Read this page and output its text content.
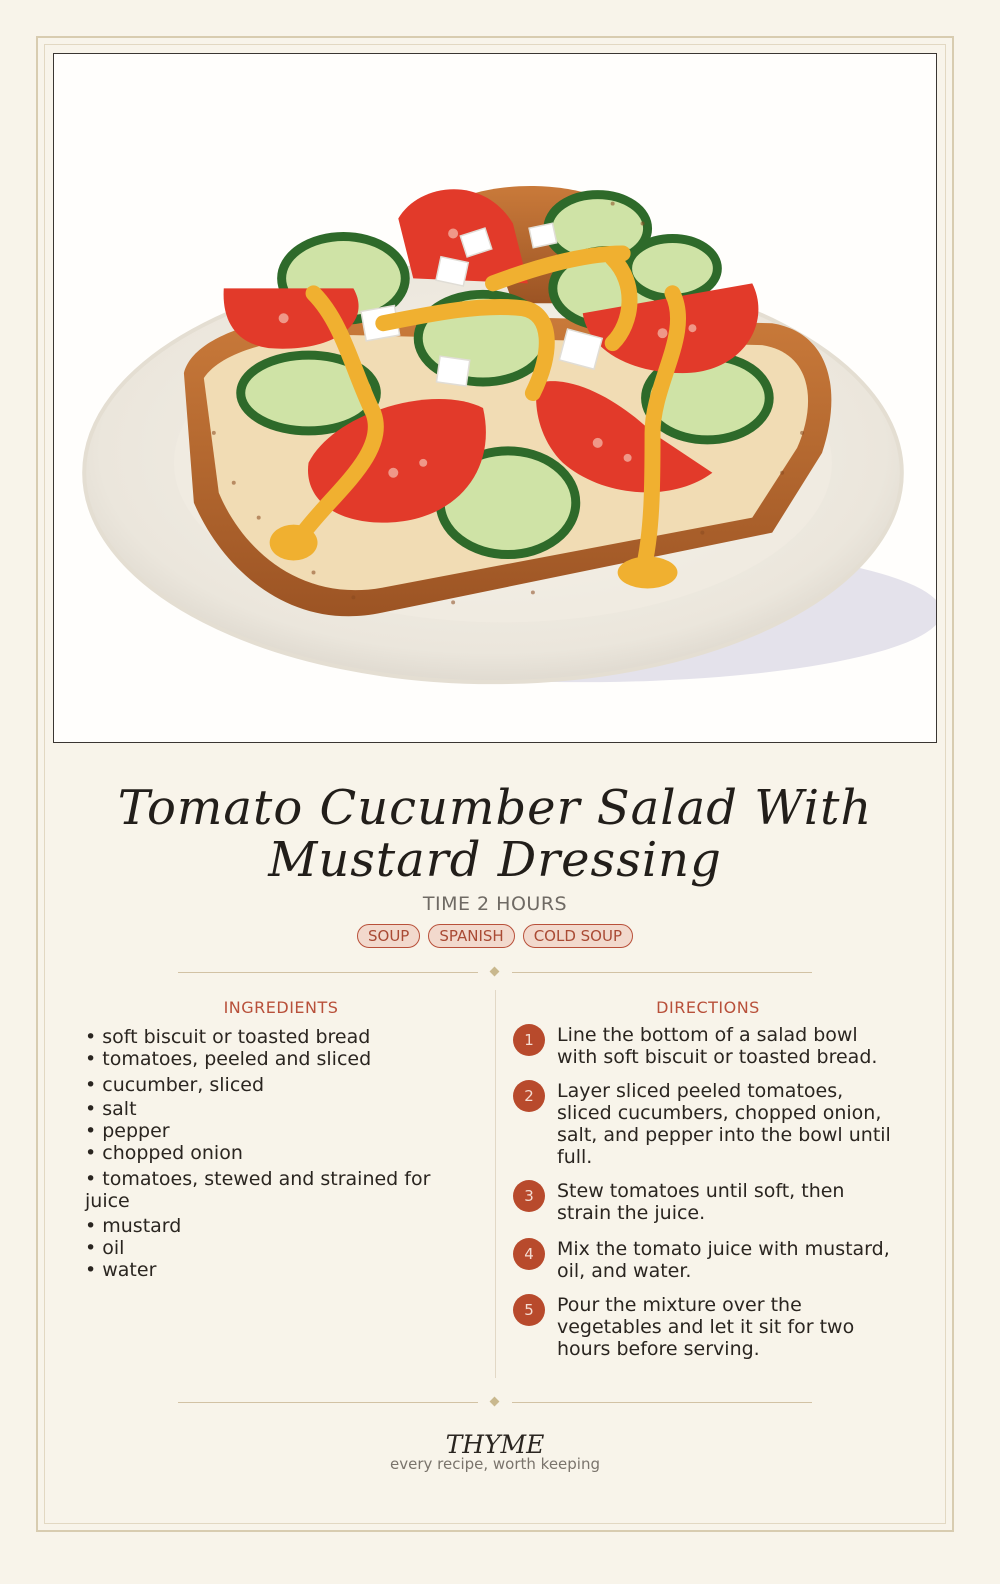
Tomato Cucumber Salad With Mustard Dressing
TIME 2 HOURS
SOUP	SPANISH	COLD SOUP
INGREDIENTS	DIRECTIONS
• soft biscuit or toasted bread
• tomatoes, peeled and sliced
• cucumber, sliced
• salt
• pepper
• chopped onion
• tomatoes, stewed and strained for juice
• mustard
• oil
• water
1	Line the bottom of a salad bowl with soft biscuit or toasted bread.
2	Layer sliced peeled tomatoes, sliced cucumbers, chopped onion, salt, and pepper into the bowl until full.
3	Stew tomatoes until soft, then strain the juice.
4	Mix the tomato juice with mustard, oil, and water.
5	Pour the mixture over the vegetables and let it sit for two hours before serving.
THYME
every recipe, worth keeping
